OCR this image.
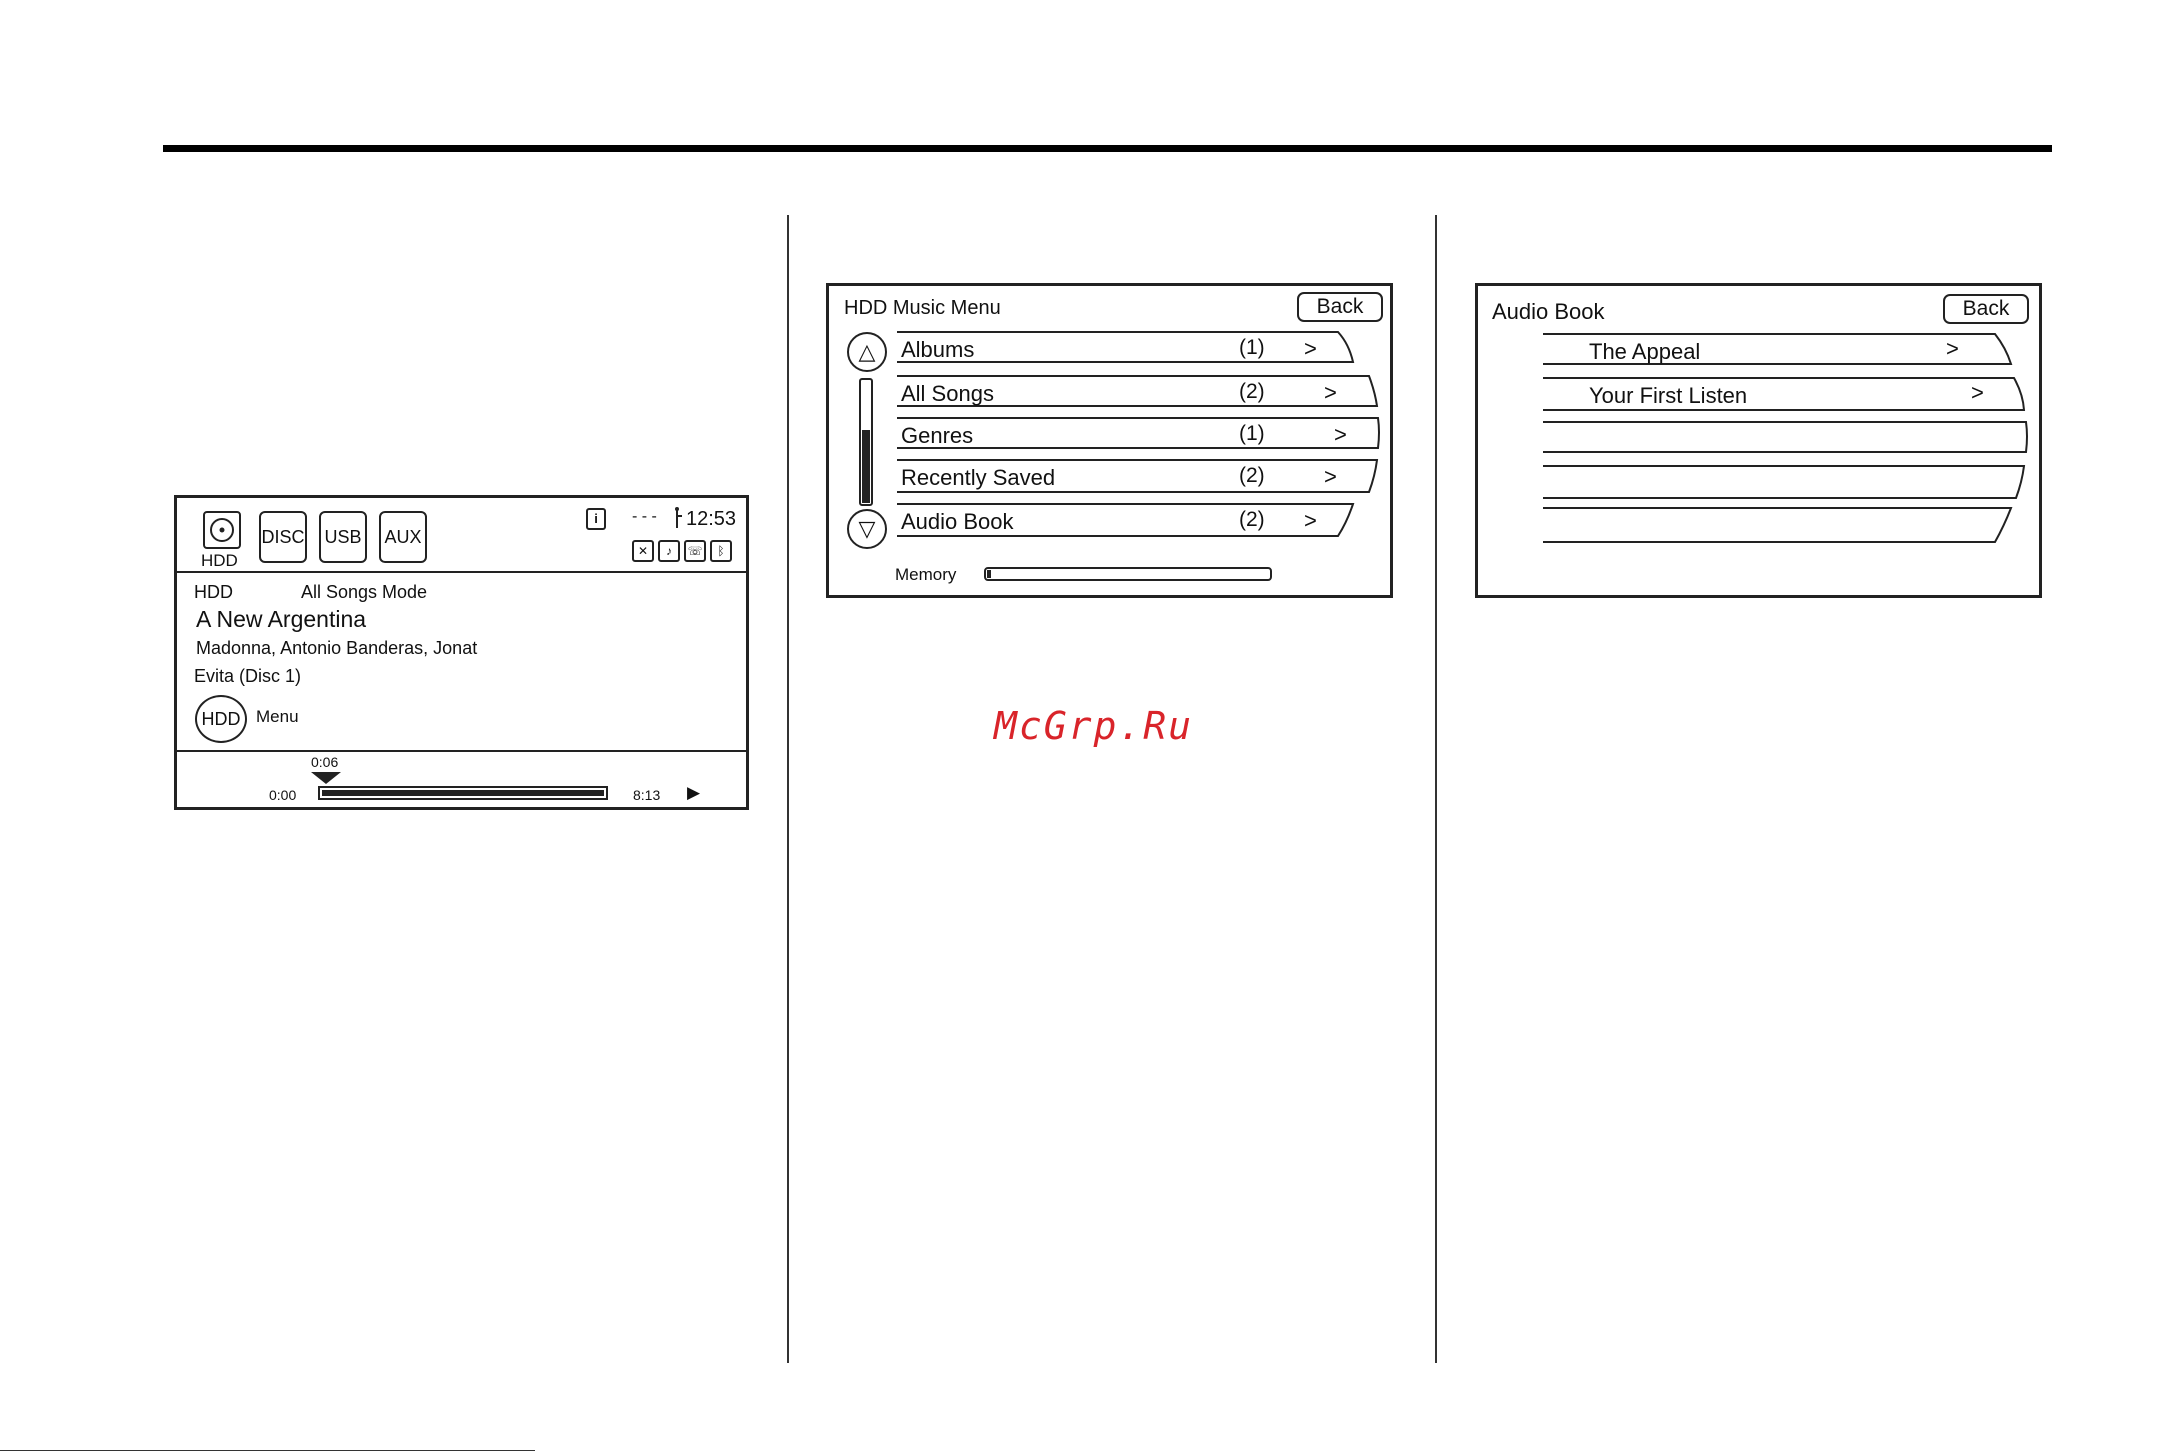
HDD
DISC	USB	AUX
i	- - - 12:53
✕	♪	☏	ᛒ
HDD	All Songs Mode
A New Argentina
Madonna, Antonio Banderas, Jonat
Evita (Disc 1)
HDD Menu
0:06
0:00	8:13 ▶
HDD Music Menu	Back
△
▽
Albums	(1) >
All Songs	(2)	>
Genres	(1)	>
Recently Saved	(2)	>
Audio Book	(2) >
Memory
McGrp.Ru
Audio Book	Back
The Appeal	>
Your First Listen	>
